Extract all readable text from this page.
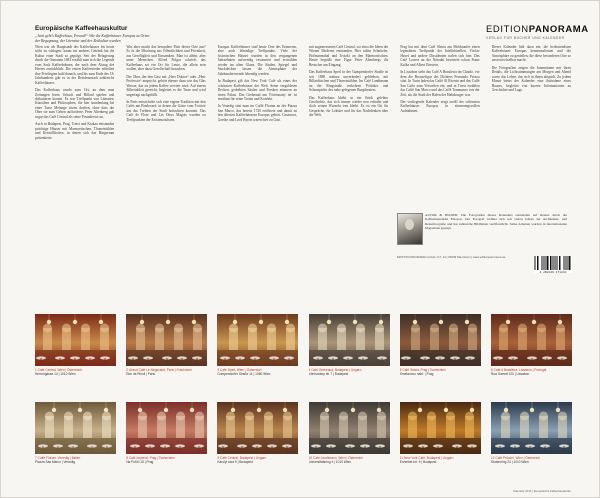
Europäische Kaffeehauskultur
„Jetzt geht’s Kaffeehaus, Freund!“ Wie die Kaffeehäuser Europas zu Orten der Begegnung, der Literatur und der Zeitkultur wurden
EDITIONPANORAMA
VERLAG FÜR BÜCHER UND KALENDER

Wien war als Hauptstadt des Kaffeehauses bis heute nicht zu schlagen: kaum ein anderes Getränk hat die Kultur einer Stadt so geprägt. Seit der Belagerung durch die Osmanen 1683 erzählt man sich die Legende vom Sack Kaffeebohnen, der nach dem Abzug des Heeres zurückblieb. Die ersten Kaffeesieder erhielten ihre Privilegien bald danach, und bis zum Ende des 18. Jahrhunderts gab es in der Residenzstadt zahlreiche Kaffeehäuser.

Das Kaffeehaus wurde zum Ort, an dem man Zeitungen lesen, Schach und Billard spielen und diskutieren konnte. Es war Treffpunkt von Literaten, Künstlern und Philosophen, die hier stundenlang bei einer Tasse Melange sitzen durften, ohne dass der Ober sie zum Gehen aufforderte. Peter Altenberg gab sogar das Café Central als seine Postadresse an.

Auch in Budapest, Prag, Triest und Krakau entstanden prächtige Häuser mit Marmortischen, Thonetstühlen und Kristalllüstern, in denen sich das Bürgertum präsentierte.

Was aber macht das besondere Flair dieser Orte aus? Es ist die Mischung aus Öffentlichkeit und Privatheit, aus Geselligkeit und Einsamkeit. Man ist allein, aber unter Menschen. Alfred Polgar schrieb, das Kaffeehaus sei ein Ort für Leute, die allein sein wollen, aber dazu Gesellschaft brauchen.

Der Ober, der den Gast mit „Herr Doktor“ oder „Herr Professor“ anspricht, gehört ebenso dazu wie das Glas Wasser, das zu jedem Kaffee serviert wird. Auf einem Silbertablett gereicht, begleitet es die Tasse und wird ungefragt nachgefüllt.

In Paris entwickelte sich eine eigene Tradition mit den Cafés am Boulevard, in denen die Gäste vom Trottoir aus das Treiben der Stadt betrachten konnten. Das Café de Flore und Les Deux Magots wurden zu Treffpunkten der Existenzialisten.

Europas Kaffeehäuser sind heute Orte des Erinnerns, aber auch lebendige Treffpunkte. Viele der historischen Häuser wurden in den vergangenen Jahrzehnten aufwendig restauriert und erstrahlen wieder im alten Glanz. Die Säulen, Spiegel und Stuckdecken lassen die Atmosphäre der Jahrhundertwende lebendig werden.

In Budapest gilt das New York Café als eines der schönsten Kaffeehäuser der Welt. Seine vergoldeten Decken, gedrehten Säulen und Fresken erinnern an einen Palast. Das Gerbeaud am Vörösmarty tér ist berühmt für seine Torten und Konfekt.

In Venedig sitzt man im Caffè Florian an der Piazza San Marco, das bereits 1720 eröffnete und damit zu den ältesten Kaffeehäusern Europas gehört. Casanova, Goethe und Lord Byron waren hier zu Gast.

mit zugemessenen Café Central, wo einst die Ideen der Wiener Moderne entstanden. Hier saßen Schnitzler, Hofmannsthal und Trotzki an den Marmortischen. Heute begrüßt eine Figur Peter Altenbergs die Besucher am Eingang.

Das Kaffeehaus Sperl in der Gumpendorfer Straße ist seit 1880 nahezu unverändert geblieben, mit Billardtischen und Thonetstühlen. Im Café Landtmann an der Ringstraße verkehren Politiker und Schauspieler des nahe gelegenen Burgtheaters.

Das Kaffeehaus bleibt so ein Stück gelebter Geschichte, das sich immer wieder neu erfindet und doch seinen Wurzeln treu bleibt. Es ist ein Ort für Gespräche, für Lektüre und für das Nachdenken über die Welt.

Prag hat mit dem Café Slavia am Moldauufer einen legendären Treffpunkt der Intellektuellen. Václav Havel und andere Dissidenten trafen sich hier. Das Café Louvre an der Národní bewirtete schon Franz Kafka und Albert Einstein.

In Lissabon steht das Café A Brasileira im Chiado, vor dem die Bronzefigur des Dichters Fernando Pessoa sitzt. In Turin laden das Caffè Al Bicerin und das Caffè San Carlo zum Verweilen ein, und in Triest erzählen das Caffè San Marco und das Caffè Tommaseo von der Zeit, als die Stadt der Hafen der Habsburger war.

Der vorliegende Kalender zeigt zwölf der schönsten Kaffeehäuser Europas in stimmungsvollen Aufnahmen.

Dieser Kalender lädt dazu ein, die bedeutendsten Kaffeehäuser Europas kennenzulernen und die Atmosphäre zu genießen, die diese besonderen Orte so unverwechselbar macht.

Die Fotografien zeigen die Innenräume mit ihren Details, die Lichtstimmungen am Morgen und Abend sowie das Leben, das sich in ihnen abspielt. Zu jedem Monat bietet der Kalender eine Aufnahme eines Hauses, begleitet von kurzen Informationen zu Geschichte und Lage.

AUTOR & BILDER: Die Fotografien dieses Kalenders entstanden auf Reisen durch die Kaffeehausstädte Europas. Der Fotograf widmet sich seit vielen Jahren der Architektur- und Reisefotografie und hat zahlreiche Bildbände veröffentlicht. Seine Arbeiten wurden in internationalen Magazinen gezeigt.
EDITION PANORAMA GmbH | G7, 14 | 68159 Mannheim | www.editionpanorama.de
4 260149 471234
1 Café Central, Wien | Österreich
Herrengasse 14 | 1010 Wien
2 Grand Café Le Négociant, Paris | Frankreich
Rue de Rivoli | Paris
3 Café Sperl, Wien | Österreich
Gumpendorfer Straße 11 | 1060 Wien
4 Café Gerbeaud, Budapest | Ungarn
Vörösmarty tér 7 | Budapest
5 Café Slavia, Prag | Tschechien
Smetanovo nábř. | Prag
6 Café A Brasileira, Lissabon | Portugal
Rua Garrett 120 | Lissabon
7 Caffè Florian, Venedig | Italien
Piazza San Marco | Venedig
8 Café Imperial, Prag | Tschechien
Na Poříčí 15 | Prag
9 Café Central, Budapest | Ungarn
Károlyi utca 9 | Budapest
10 Café Landtmann, Wien | Österreich
Universitätsring 4 | 1010 Wien
11 New York Café, Budapest | Ungarn
Erzsébet krt. 9 | Budapest
12 Café Prückel, Wien | Österreich
Stubenring 24 | 1010 Wien
Kalender 2015 | Europäische Kaffeehauskultur
